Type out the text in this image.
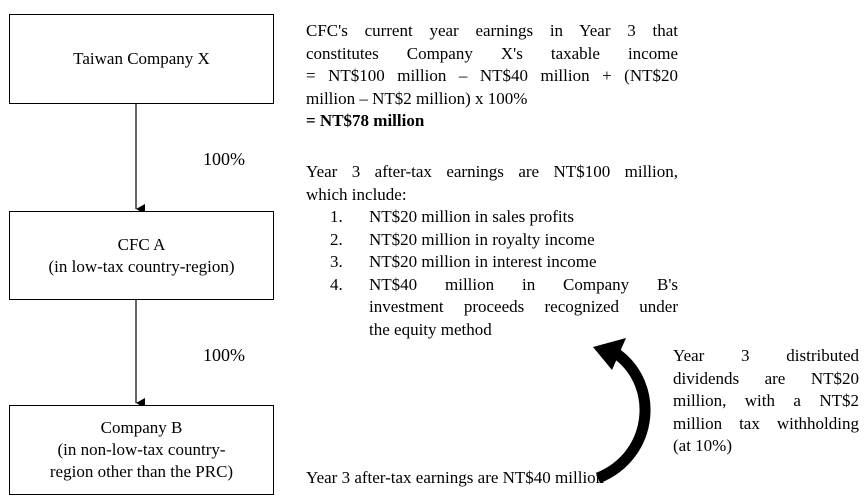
Taiwan Company X
100%
CFC A
(in low-tax country-region)
100%
Company B
(in non-low-tax country-
region other than the PRC)
CFC's current year earnings in Year 3 that
constitutes Company X's taxable income
= NT$100 million – NT$40 million + (NT$20
million – NT$2 million) x 100%
= NT$78 million
Year 3 after-tax earnings are NT$100 million,
which include:
1. NT$20 million in sales profits
2. NT$20 million in royalty income
3. NT$20 million in interest income
4. NT$40 million in Company B's
investment proceeds recognized under
the equity method
Year 3 distributed
dividends are NT$20
million, with a NT$2
million tax withholding
(at 10%)
Year 3 after-tax earnings are NT$40 million
